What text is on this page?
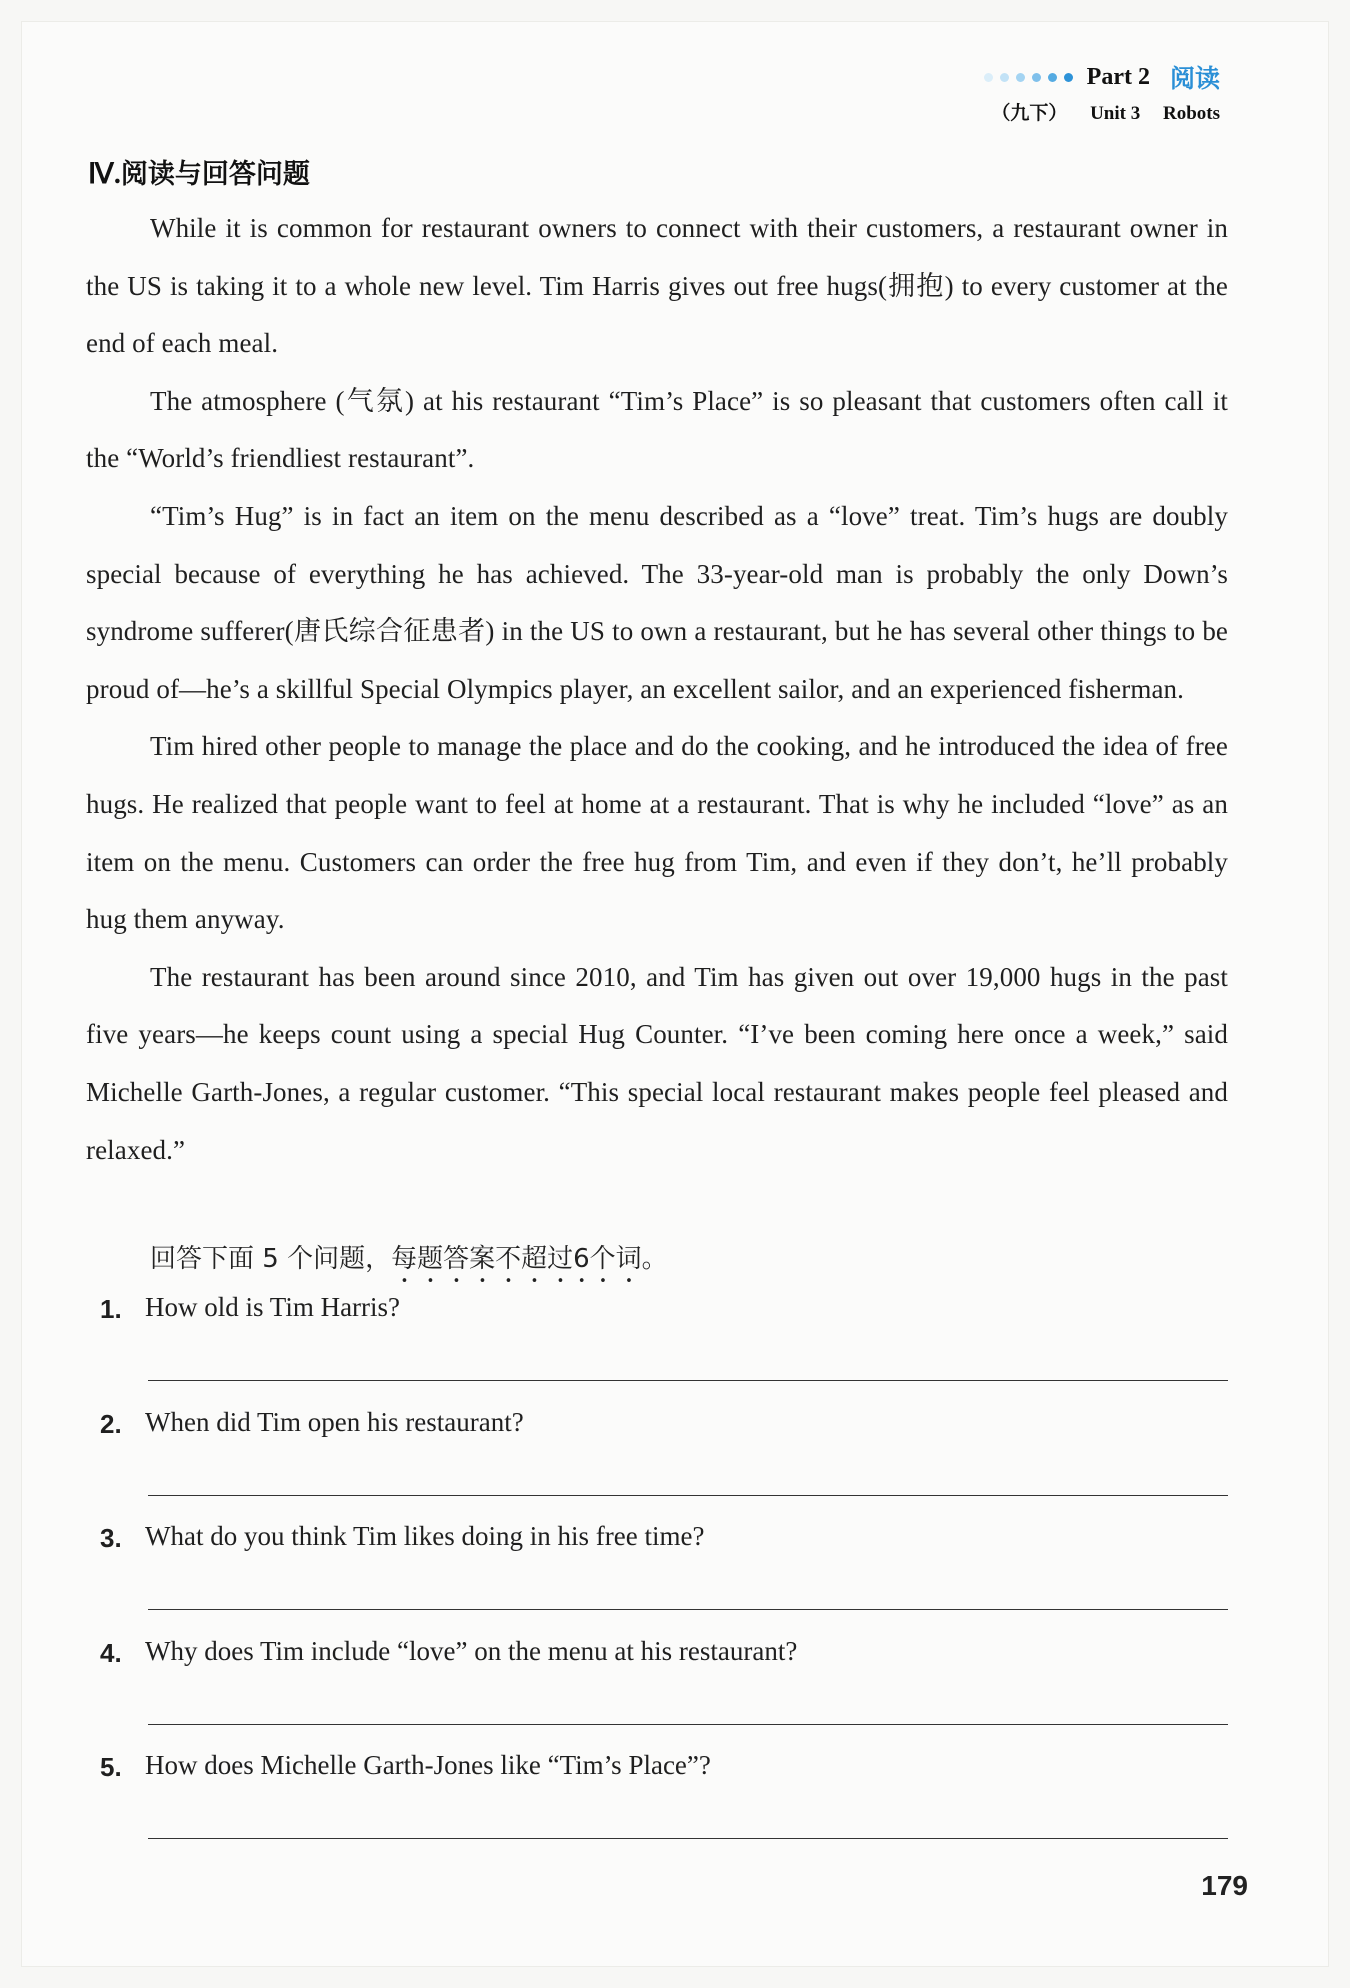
Part 2 阅读
（九下） Unit 3 Robots
Ⅳ.阅读与回答问题

While it is common for restaurant owners to connect with their customers, a restaurant owner in the US is taking it to a whole new level. Tim Harris gives out free hugs(拥抱) to every customer at the end of each meal.

The atmosphere (气氛) at his restaurant “Tim’s Place” is so pleasant that customers often call it the “World’s friendliest restaurant”.

“Tim’s Hug” is in fact an item on the menu described as a “love” treat. Tim’s hugs are doubly special because of everything he has achieved. The 33-year-old man is probably the only Down’s syndrome sufferer(唐氏综合征患者) in the US to own a restaurant, but he has several other things to be proud of—he’s a skillful Special Olympics player, an excellent sailor, and an experienced fisherman.

Tim hired other people to manage the place and do the cooking, and he introduced the idea of free hugs. He realized that people want to feel at home at a restaurant. That is why he included “love” as an item on the menu. Customers can order the free hug from Tim, and even if they don’t, he’ll probably hug them anyway.

The restaurant has been around since 2010, and Tim has given out over 19,000 hugs in the past five years—he keeps count using a special Hug Counter. “I’ve been coming here once a week,” said Michelle Garth-Jones, a regular customer. “This special local restaurant makes people feel pleased and relaxed.”

回答下面 5 个问题，每题答案不超过6个词。
1. How old is Tim Harris?
2. When did Tim open his restaurant?
3. What do you think Tim likes doing in his free time?
4. Why does Tim include “love” on the menu at his restaurant?
5. How does Michelle Garth-Jones like “Tim’s Place”?
179
